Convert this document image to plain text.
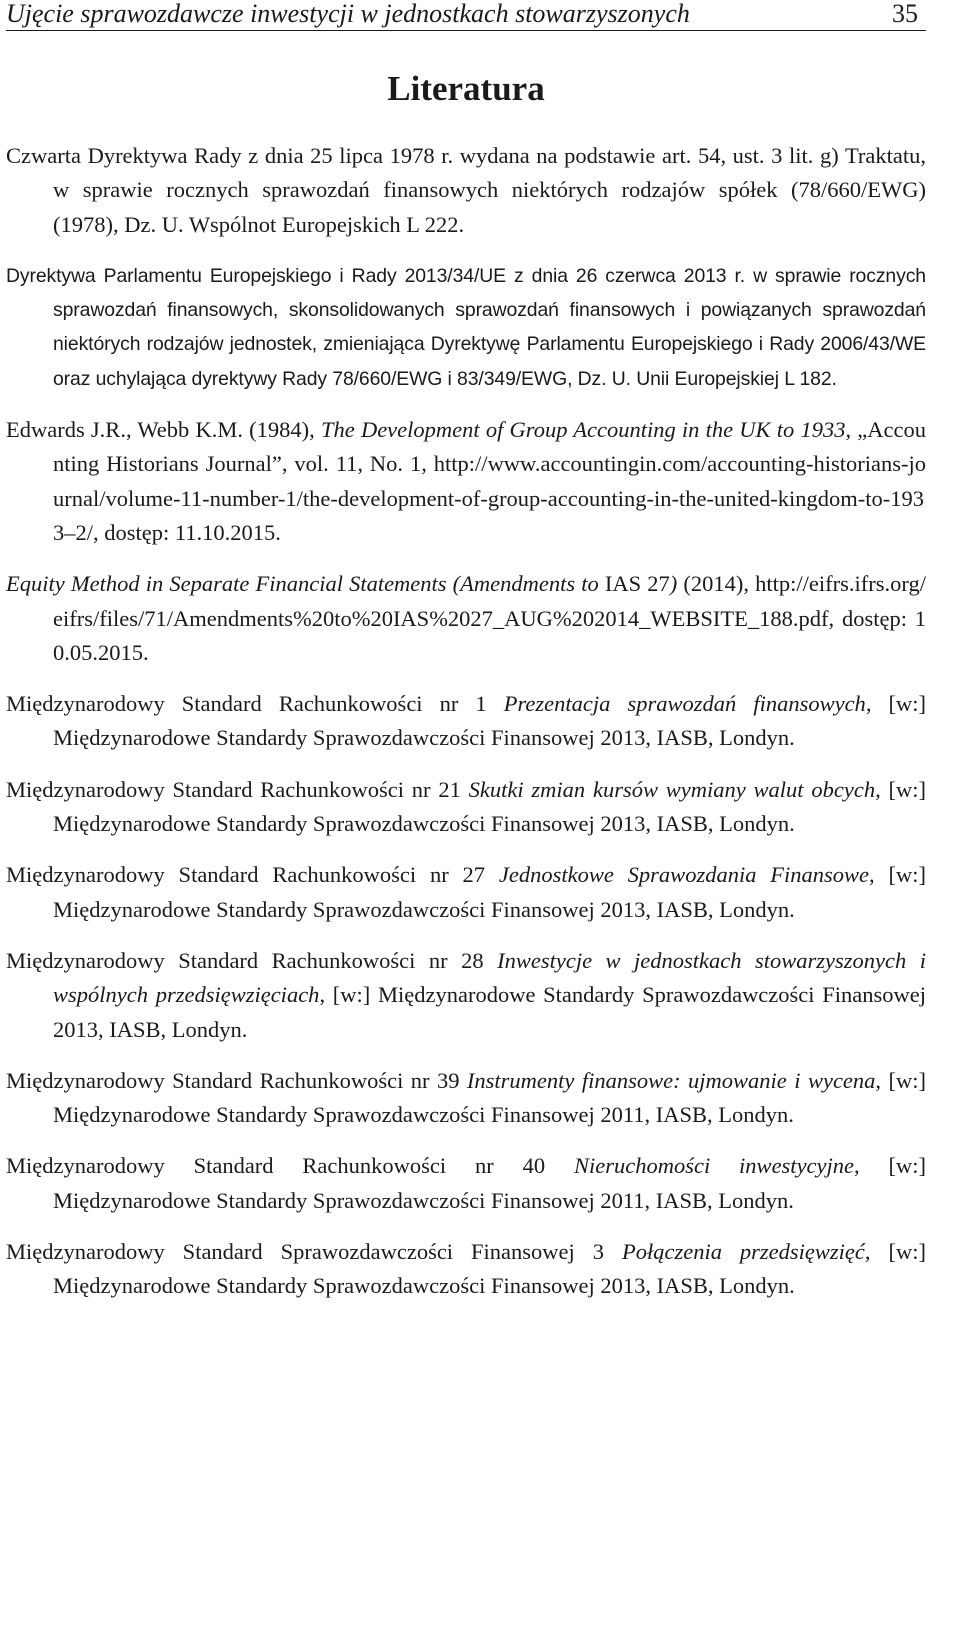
Ujęcie sprawozdawcze inwestycji w jednostkach stowarzyszonych	35
Literatura
Czwarta Dyrektywa Rady z dnia 25 lipca 1978 r. wydana na podstawie art. 54, ust. 3 lit. g) Traktatu, w sprawie rocznych sprawozdań finansowych niektórych rodzajów spółek (78/660/EWG) (1978), Dz. U. Wspólnot Europejskich L 222.
Dyrektywa Parlamentu Europejskiego i Rady 2013/34/UE z dnia 26 czerwca 2013 r. w sprawie rocznych sprawozdań finansowych, skonsolidowanych sprawozdań finansowych i powiązanych sprawozdań niektórych rodzajów jednostek, zmieniająca Dyrektywę Parlamentu Europejskiego i Rady 2006/43/WE oraz uchylająca dyrektywy Rady 78/660/EWG i 83/349/EWG, Dz. U. Unii Europejskiej L 182.
Edwards J.R., Webb K.M. (1984), The Development of Group Accounting in the UK to 1933, „Accounting Historians Journal”, vol. 11, No. 1, http://www.accountingin.com/accounting-historians-journal/volume-11-number-1/the-development-of-group-accounting-in-the-united-kingdom-to-1933–2/, dostęp: 11.10.2015.
Equity Method in Separate Financial Statements (Amendments to IAS 27) (2014), http://eifrs.ifrs.org/eifrs/files/71/Amendments%20to%20IAS%2027_AUG%202014_WEBSITE_188.pdf, dostęp: 10.05.2015.
Międzynarodowy Standard Rachunkowości nr 1 Prezentacja sprawozdań finansowych, [w:] Międzynarodowe Standardy Sprawozdawczości Finansowej 2013, IASB, Londyn.
Międzynarodowy Standard Rachunkowości nr 21 Skutki zmian kursów wymiany walut obcych, [w:] Międzynarodowe Standardy Sprawozdawczości Finansowej 2013, IASB, Londyn.
Międzynarodowy Standard Rachunkowości nr 27 Jednostkowe Sprawozdania Finansowe, [w:] Międzynarodowe Standardy Sprawozdawczości Finansowej 2013, IASB, Londyn.
Międzynarodowy Standard Rachunkowości nr 28 Inwestycje w jednostkach stowarzyszonych i wspólnych przedsięwzięciach, [w:] Międzynarodowe Standardy Sprawozdawczości Finansowej 2013, IASB, Londyn.
Międzynarodowy Standard Rachunkowości nr 39 Instrumenty finansowe: ujmowanie i wycena, [w:] Międzynarodowe Standardy Sprawozdawczości Finansowej 2011, IASB, Londyn.
Międzynarodowy Standard Rachunkowości nr 40 Nieruchomości inwestycyjne, [w:] Międzynarodowe Standardy Sprawozdawczości Finansowej 2011, IASB, Londyn.
Międzynarodowy Standard Sprawozdawczości Finansowej 3 Połączenia przedsięwzięć, [w:] Międzynarodowe Standardy Sprawozdawczości Finansowej 2013, IASB, Londyn.
